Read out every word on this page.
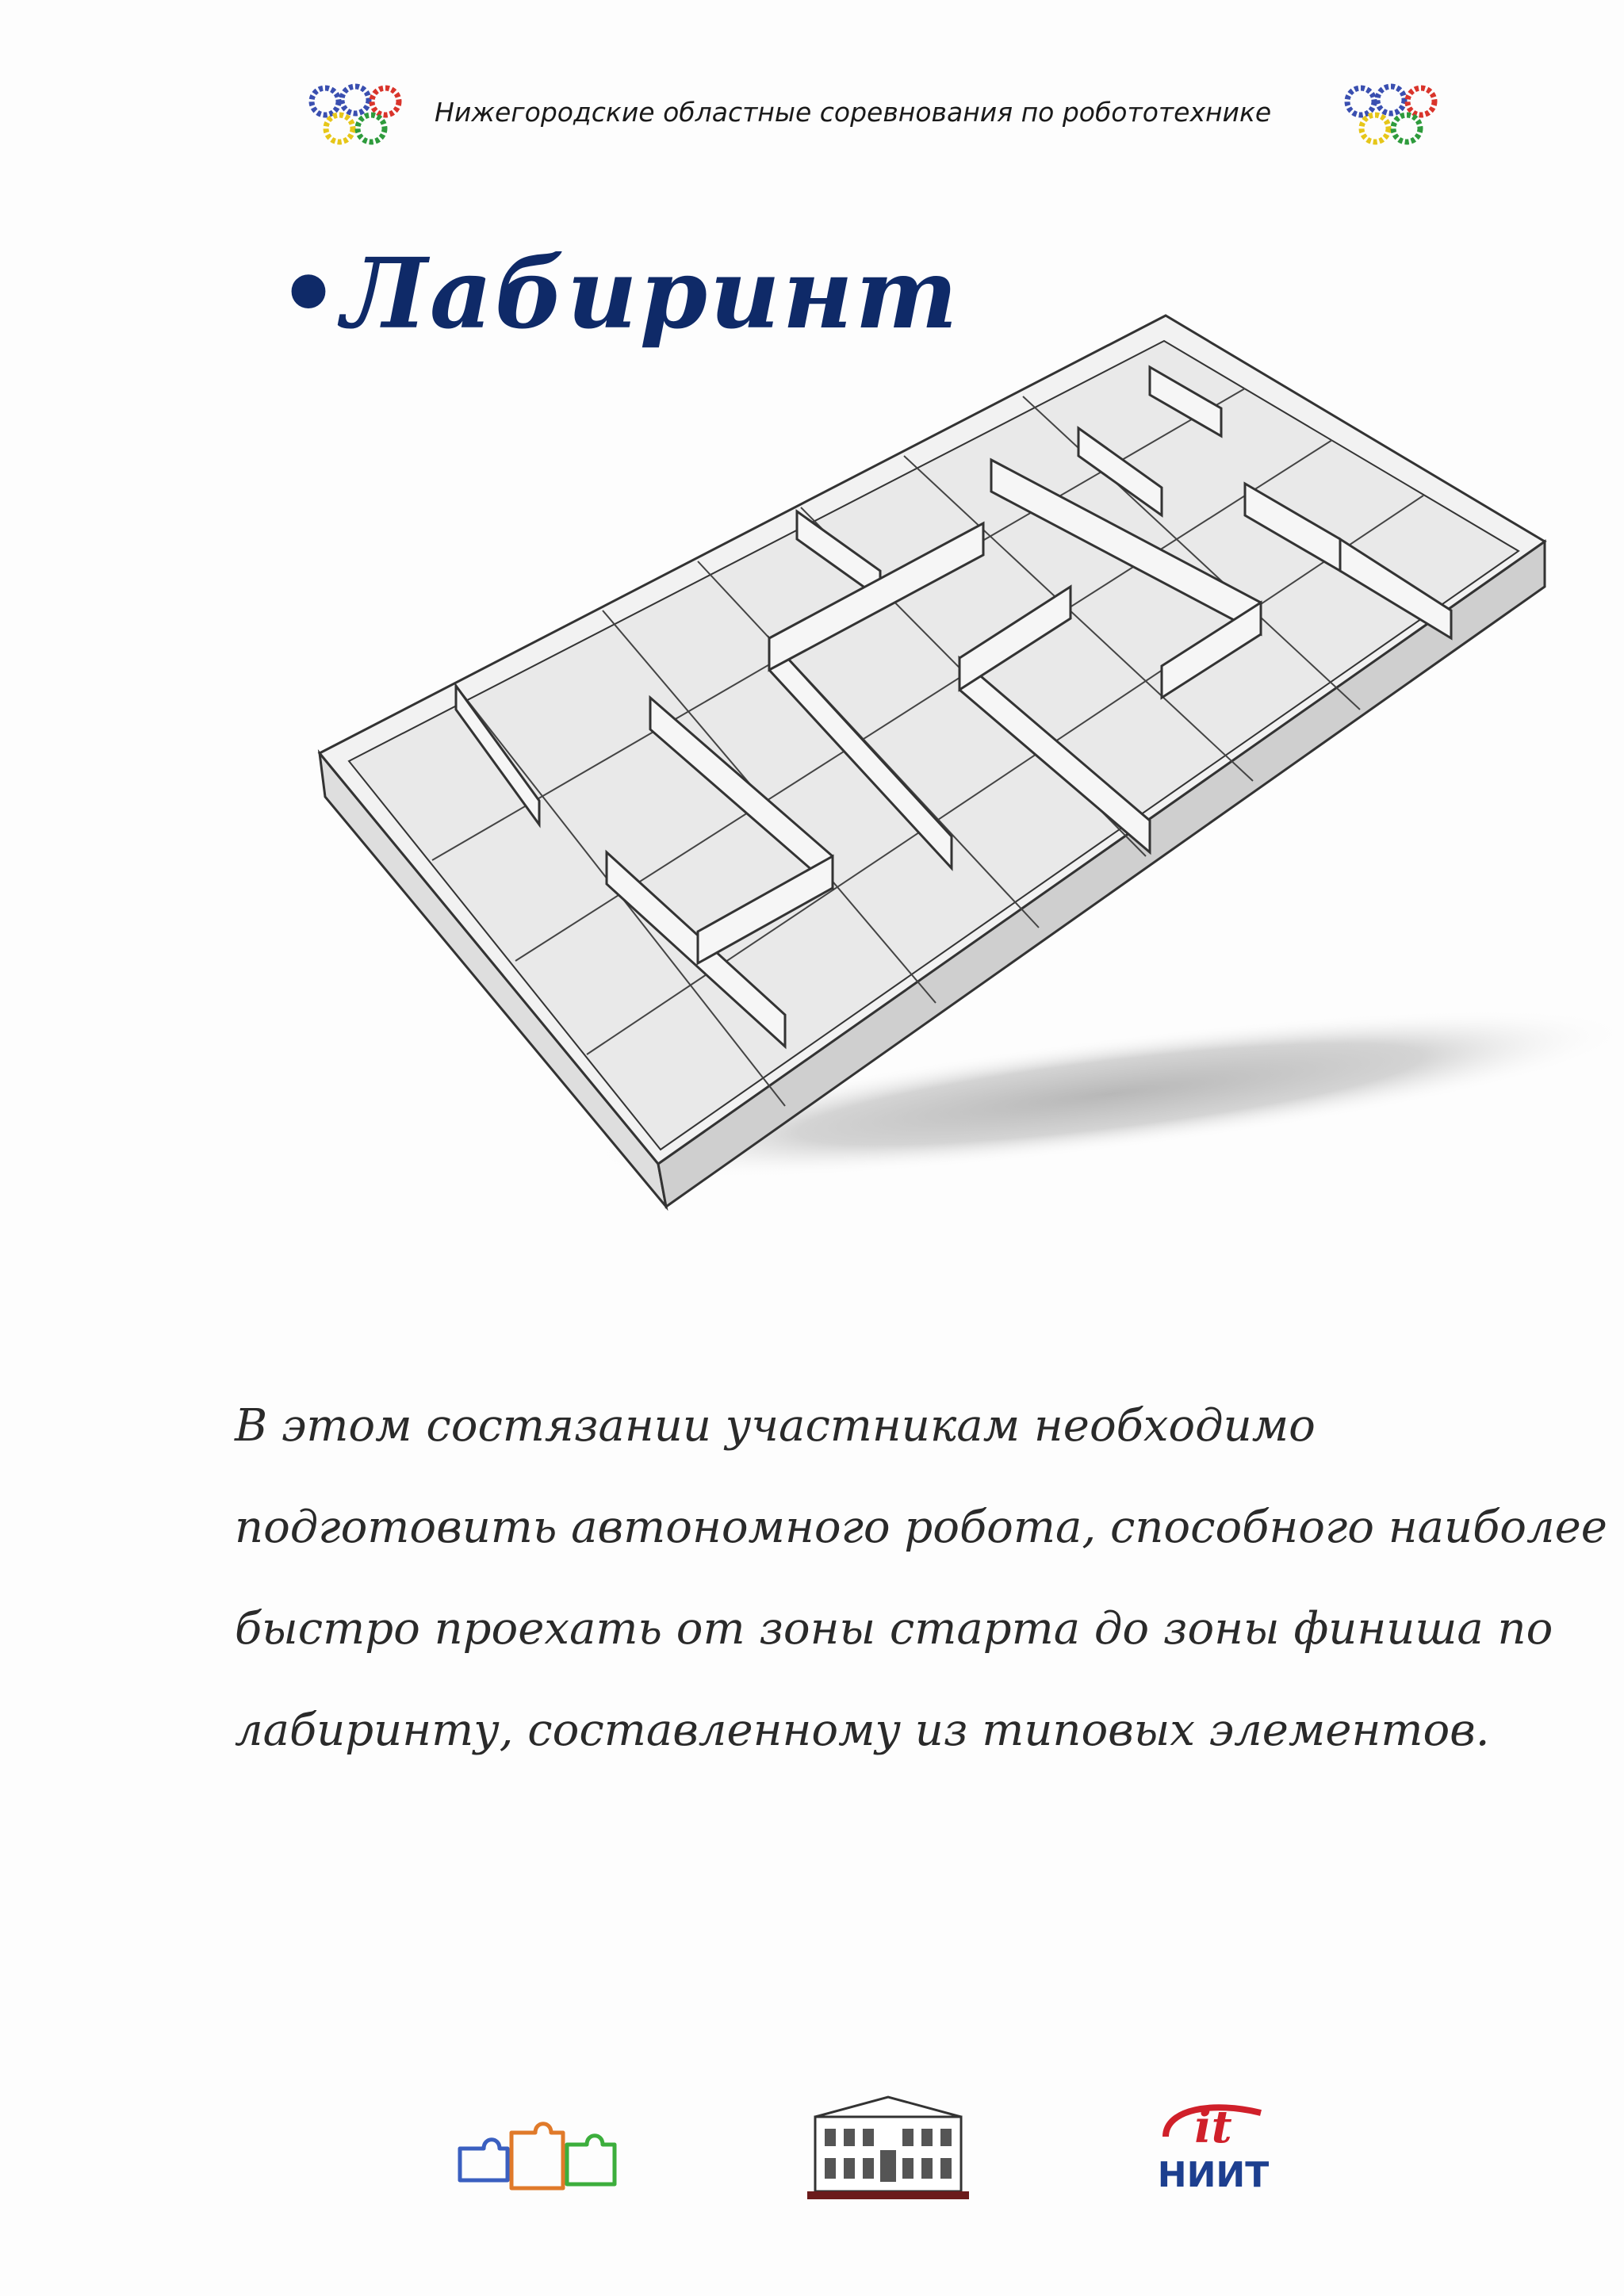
Нижегородские областные соревнования по робототехнике
•Лабиринт
В этом состязании участникам необходимо
подготовить автономного робота, способного наиболее
быстро проехать от зоны старта до зоны финиша по
лабиринту, составленному из типовых элементов.
it
НИИТ
